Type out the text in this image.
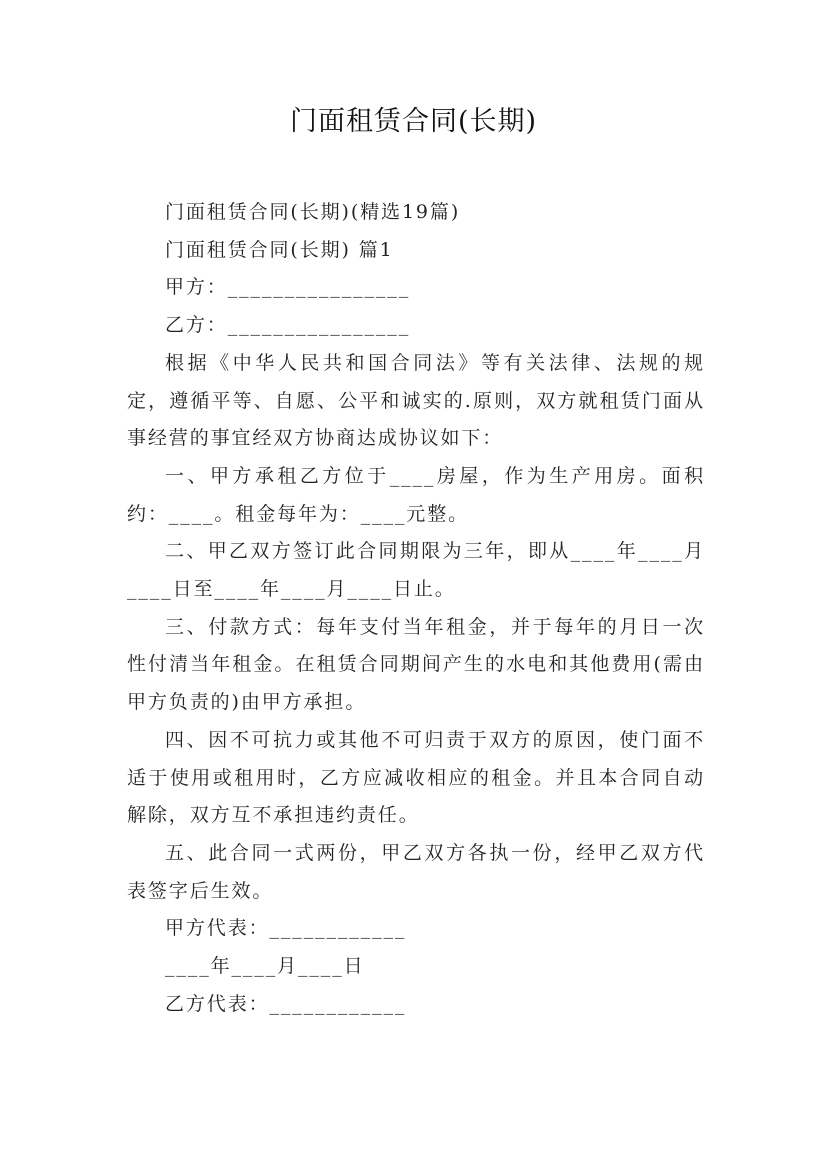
门面租赁合同(长期)

门面租赁合同(长期)(精选19篇)

门面租赁合同(长期) 篇1

甲方：________________

乙方：________________

根据《中华人民共和国合同法》等有关法律、法规的规定，遵循平等、自愿、公平和诚实的.原则，双方就租赁门面从事经营的事宜经双方协商达成协议如下：

一、甲方承租乙方位于____房屋，作为生产用房。面积约：____。租金每年为：____元整。

二、甲乙双方签订此合同期限为三年，即从____年____月____日至____年____月____日止。

三、付款方式：每年支付当年租金，并于每年的月日一次性付清当年租金。在租赁合同期间产生的水电和其他费用(需由甲方负责的)由甲方承担。

四、因不可抗力或其他不可归责于双方的原因，使门面不适于使用或租用时，乙方应减收相应的租金。并且本合同自动解除，双方互不承担违约责任。

五、此合同一式两份，甲乙双方各执一份，经甲乙双方代表签字后生效。

甲方代表：____________

____年____月____日

乙方代表：____________
